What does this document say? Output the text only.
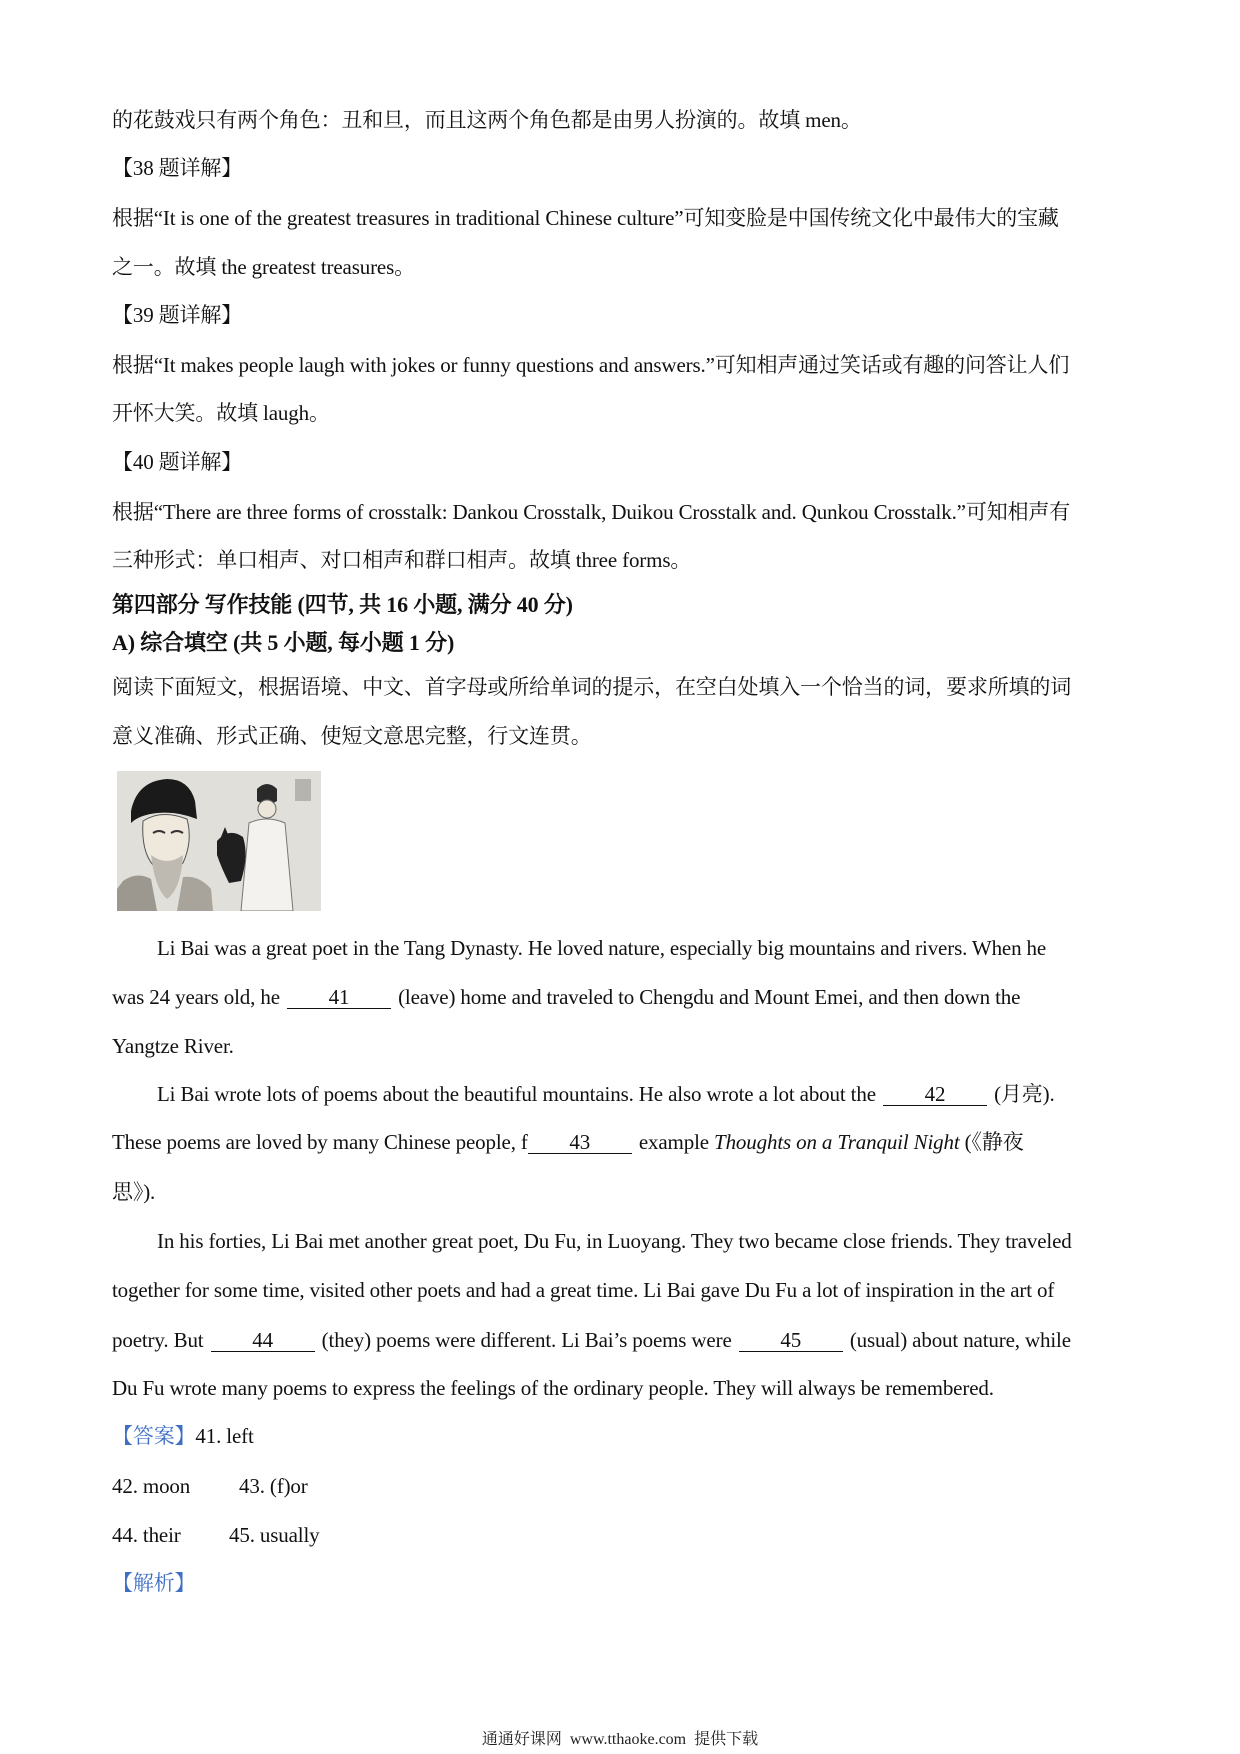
的花鼓戏只有两个角色：丑和旦，而且这两个角色都是由男人扮演的。故填 men。
【38 题详解】
根据“It is one of the greatest treasures in traditional Chinese culture”可知变脸是中国传统文化中最伟大的宝藏
之一。故填 the greatest treasures。
【39 题详解】
根据“It makes people laugh with jokes or funny questions and answers.”可知相声通过笑话或有趣的问答让人们
开怀大笑。故填 laugh。
【40 题详解】
根据“There are three forms of crosstalk: Dankou Crosstalk, Duikou Crosstalk and. Qunkou Crosstalk.”可知相声有
三种形式：单口相声、对口相声和群口相声。故填 three forms。
第四部分 写作技能 (四节, 共 16 小题, 满分 40 分)
A) 综合填空 (共 5 小题, 每小题 1 分)
阅读下面短文，根据语境、中文、首字母或所给单词的提示，在空白处填入一个恰当的词，要求所填的词
意义准确、形式正确、使短文意思完整，行文连贯。
Li Bai was a great poet in the Tang Dynasty. He loved nature, especially big mountains and rivers. When he
was 24 years old, he 41 (leave) home and traveled to Chengdu and Mount Emei, and then down the
Yangtze River.
Li Bai wrote lots of poems about the beautiful mountains. He also wrote a lot about the 42 (月亮).
These poems are loved by many Chinese people, f 43 example Thoughts on a Tranquil Night (《静夜
思》).
In his forties, Li Bai met another great poet, Du Fu, in Luoyang. They two became close friends. They traveled
together for some time, visited other poets and had a great time. Li Bai gave Du Fu a lot of inspiration in the art of
poetry. But 44 (they) poems were different. Li Bai’s poems were 45 (usual) about nature, while
Du Fu wrote many poems to express the feelings of the ordinary people. They will always be remembered.
【答案】41. left
42. moon 43. (f)or
44. their 45. usually
【解析】
通通好课网  www.tthaoke.com  提供下载
